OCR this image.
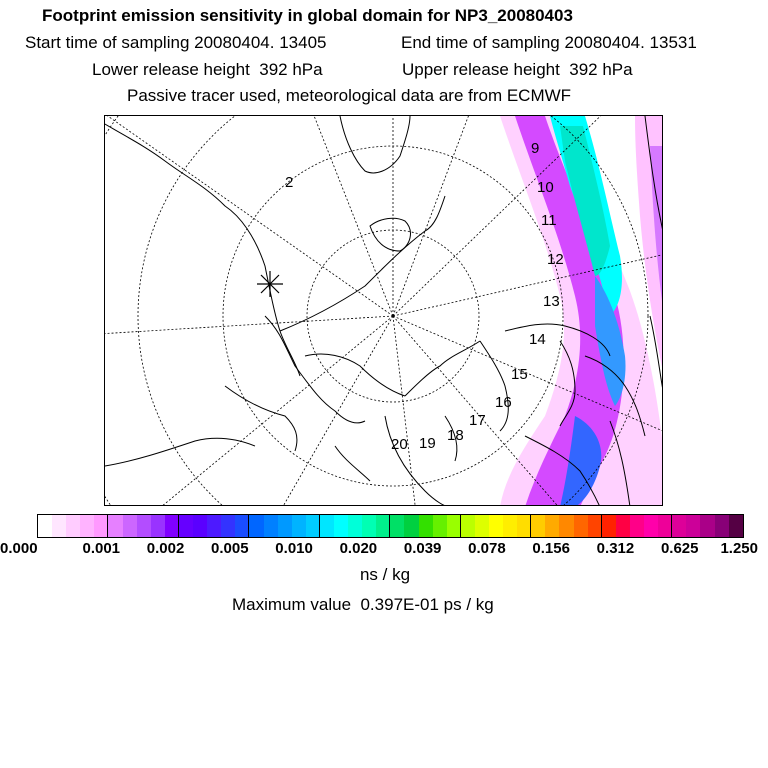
Footprint emission sensitivity in global domain for NP3_20080403
Start time of sampling 20080404. 13405	End time of sampling 20080404. 13531
Lower release height  392 hPa	Upper release height  392 hPa
Passive tracer used, meteorological data are from ECMWF
9
10
11
12
13
14
15
16
17
18
19
20
2
0.000	0.001 0.002 0.005 0.010 0.020 0.039 0.078 0.156 0.312 0.625 1.250
ns / kg
Maximum value  0.397E-01 ps / kg
